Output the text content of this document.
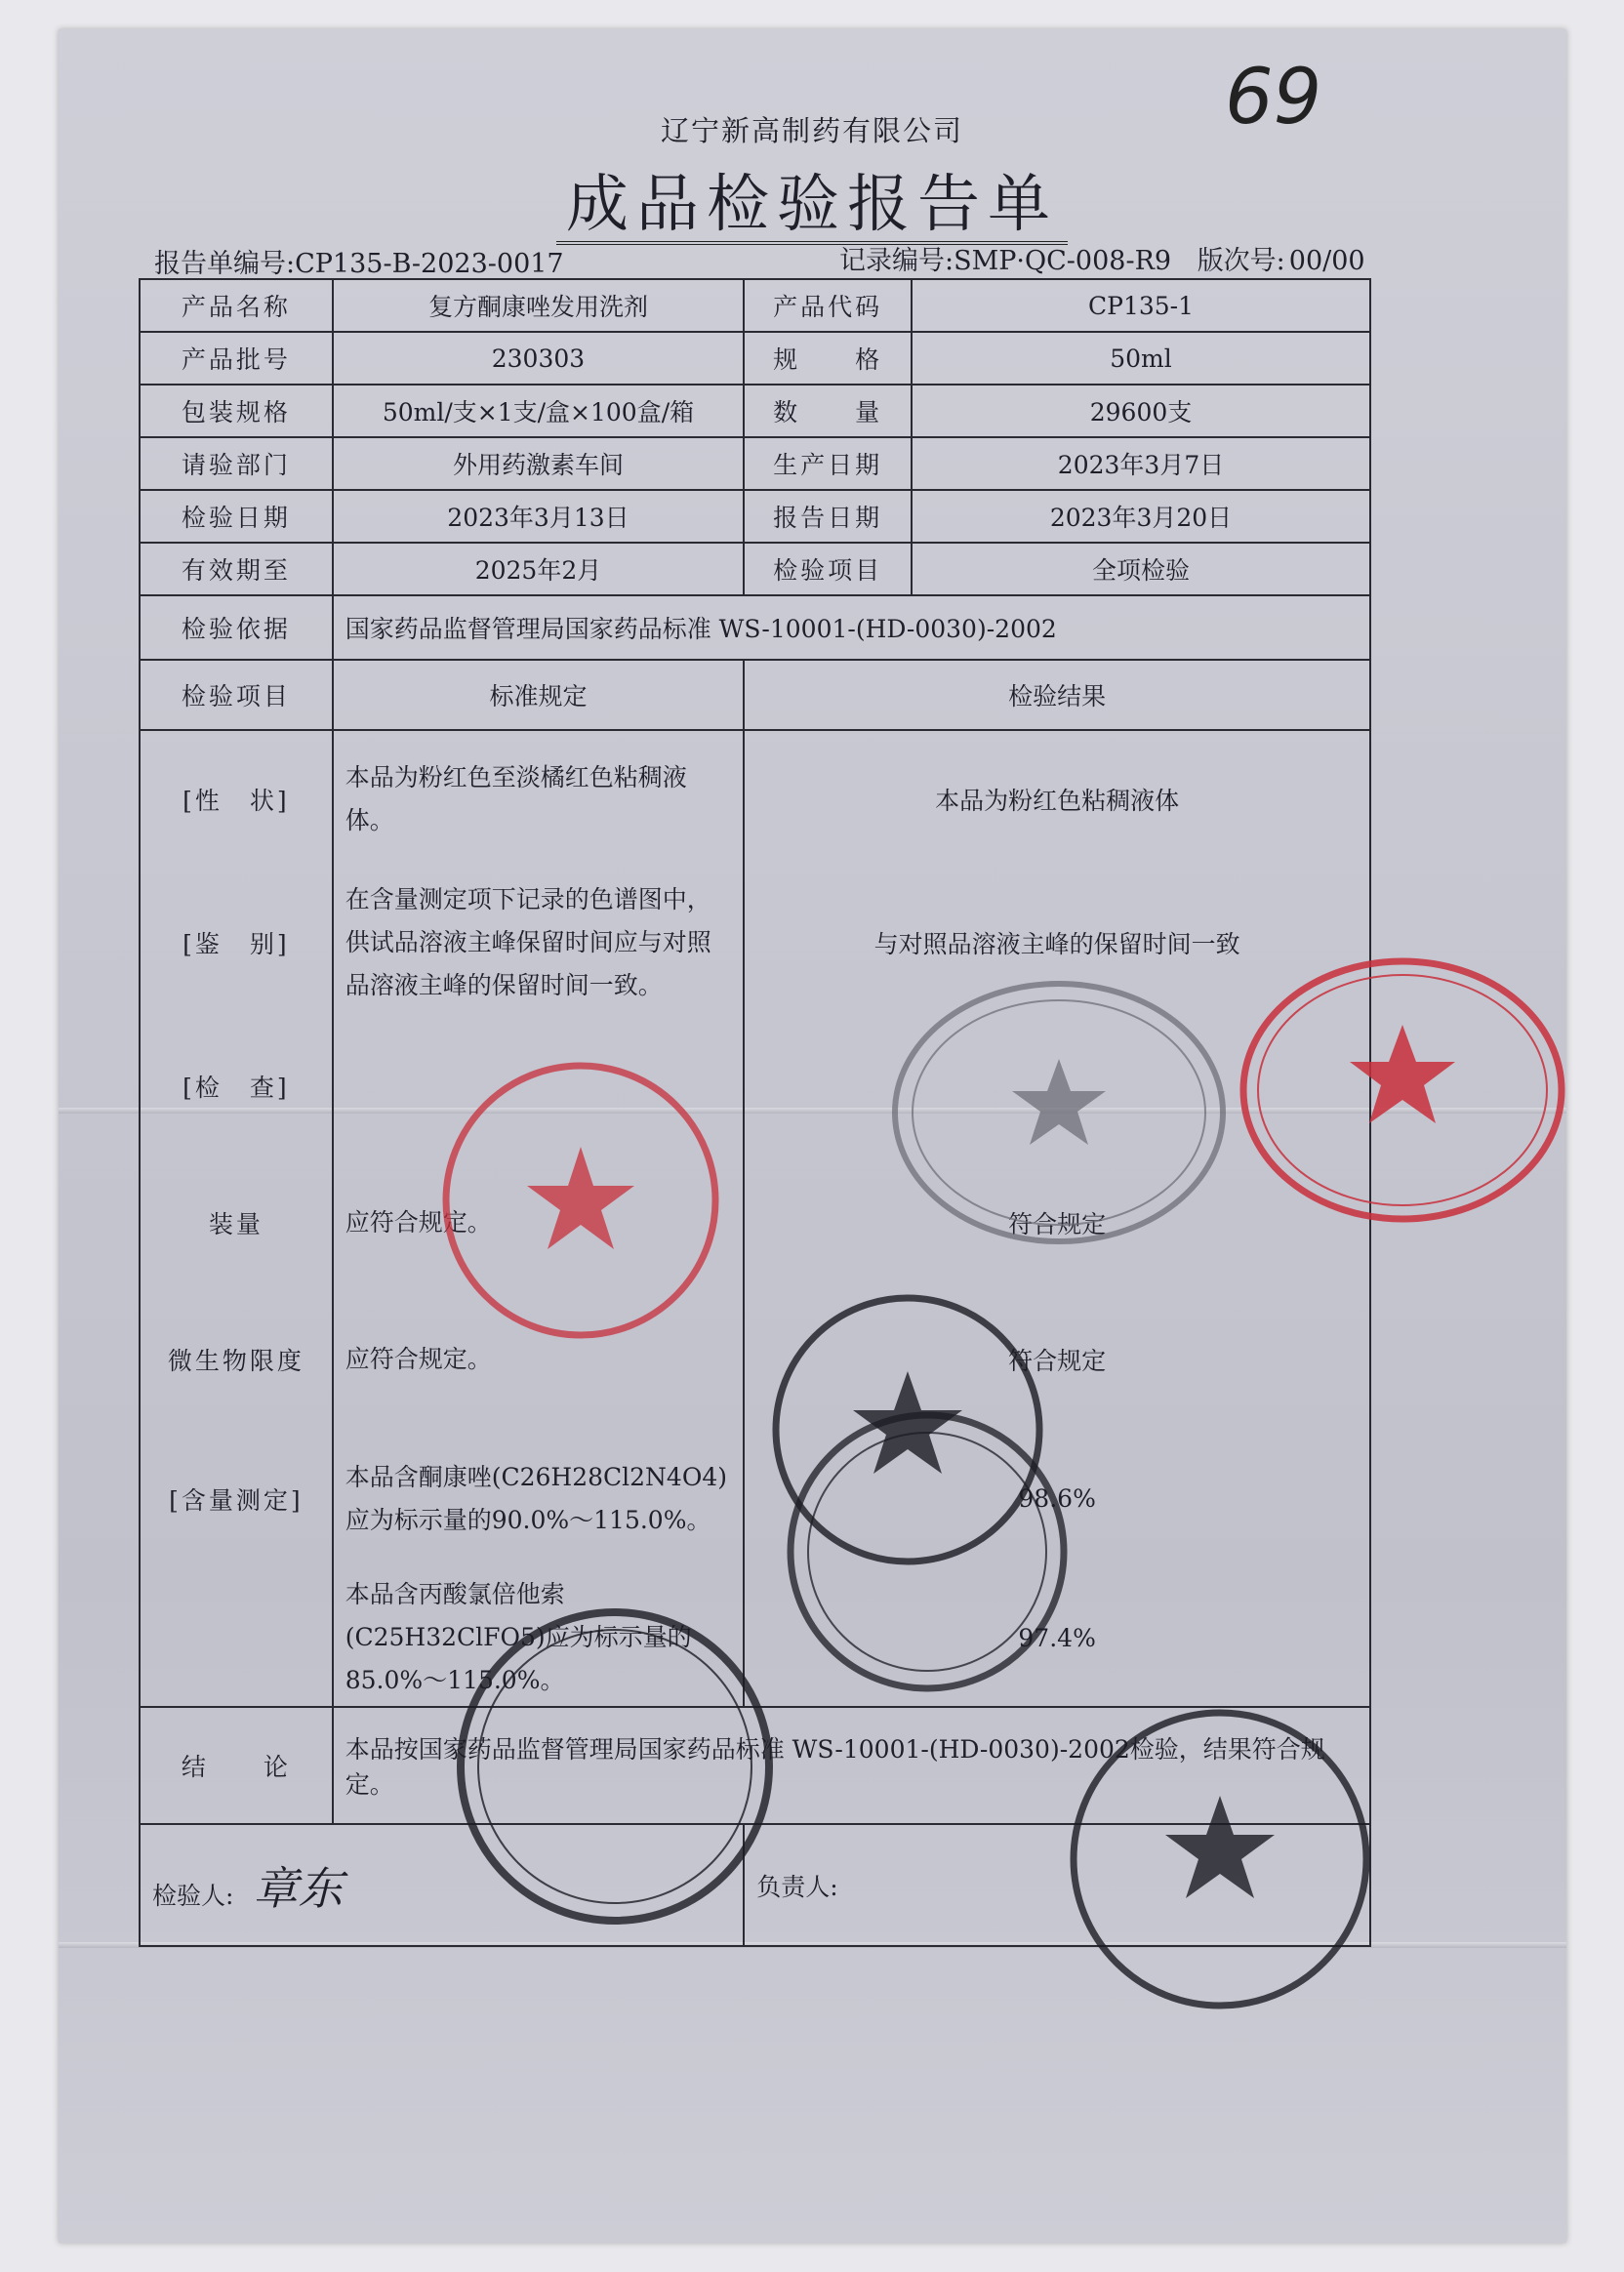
69
辽宁新高制药有限公司
成品检验报告单
报告单编号:CP135-B-2023-0017	记录编号:SMP·QC-008-R9 版次号: 00/00
产品名称	复方酮康唑发用洗剂	产品代码	CP135-1
产品批号	230303	规　　格	50ml
包装规格	50ml/支×1支/盒×100盒/箱	数　　量	29600支
请验部门	外用药激素车间	生产日期	2023年3月7日
检验日期	2023年3月13日	报告日期	2023年3月20日
有效期至	2025年2月	检验项目	全项检验
检验依据	国家药品监督管理局国家药品标准 WS-10001-(HD-0030)-2002		
检验项目	标准规定	检验结果	
[性　状]	本品为粉红色至淡橘红色粘稠液体。	本品为粉红色粘稠液体	
[鉴　别]	在含量测定项下记录的色谱图中，供试品溶液主峰保留时间应与对照品溶液主峰的保留时间一致。	与对照品溶液主峰的保留时间一致	
[检　查]			
装量	应符合规定。	符合规定	
微生物限度	应符合规定。	符合规定	
[含量测定]	本品含酮康唑(C26H28Cl2N4O4)应为标示量的90.0%～115.0%。	98.6%	
	本品含丙酸氯倍他索(C25H32ClFO5)应为标示量的85.0%～115.0%。	97.4%	
结　　论	本品按国家药品监督管理局国家药品标准 WS-10001-(HD-0030)-2002检验，结果符合规定。		
检验人: 章东		负责人:	
